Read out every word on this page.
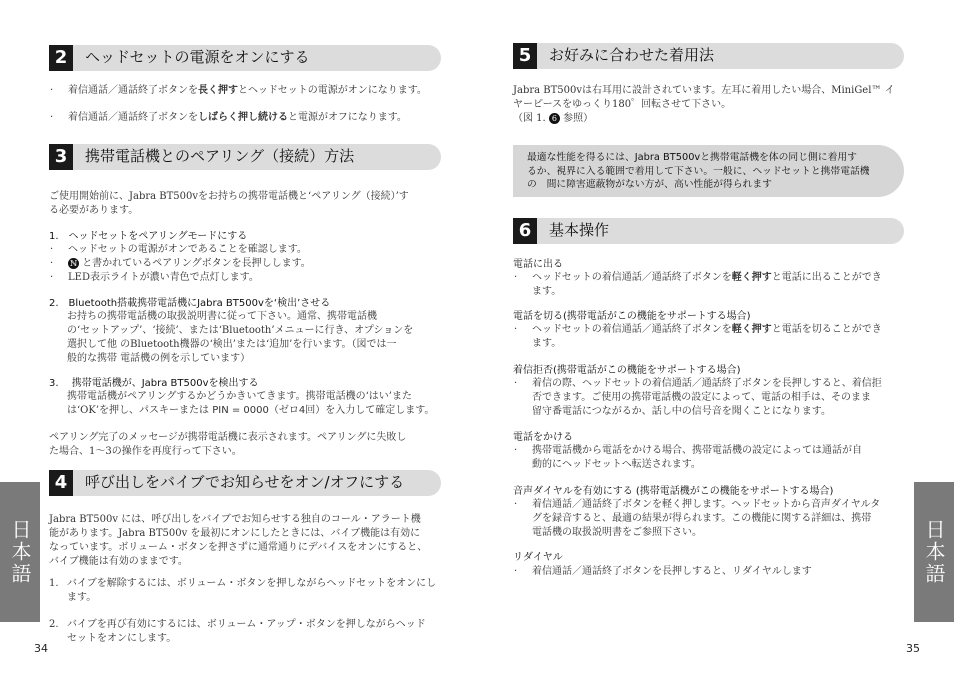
2	ヘッドセットの電源をオンにする
· 着信通話／通話終了ボタンを長く押すとヘッドセットの電源がオンになります。
· 着信通話／通話終了ボタンをしばらく押し続けると電源がオフになります。
3	携帯電話機とのペアリング（接続）方法
ご使用開始前に、Jabra BT500vをお持ちの携帯電話機と‘ペアリング（接続）’す
る必要があります。
1.　ヘッドセットをペアリングモードにする
· ヘッドセットの電源がオンであることを確認します。
· ℕ と書かれているペアリングボタンを長押しします。
· LED表示ライトが濃い青色で点灯します。
2.　Bluetooth搭載携帯電話機にJabra BT500vを‘検出’させる
お持ちの携帯電話機の取扱説明書に従って下さい。通常、携帯電話機
の‘セットアップ’、‘接続’、または‘Bluetooth’メニューに行き、オプションを
選択して他 のBluetooth機器の‘検出’または‘追加’を行います。（図では一
般的な携帯 電話機の例を示しています）
3.　 携帯電話機が、Jabra BT500vを検出する
携帯電話機がペアリングするかどうかきいてきます。携帯電話機の‘はい’また
は‘OK’を押し、パスキーまたは PIN = 0000（ゼロ4回）を入力して確定します。
ペアリング完了のメッセージが携帯電話機に表示されます。ペアリングに失敗し
た場合、1～3の操作を再度行って下さい。
4	呼び出しをバイブでお知らせをオン/オフにする
Jabra BT500v には、呼び出しをバイブでお知らせする独自のコール・アラート機
能があります。Jabra BT500v を最初にオンにしたときには、バイブ機能は有効に
なっています。ボリューム・ボタンを押さずに通常通りにデバイスをオンにすると、
バイブ機能は有効のままです。
1. バイブを解除するには、ボリューム・ボタンを押しながらヘッドセットをオンにし
ます。
2. バイブを再び有効にするには、ボリューム・アップ・ボタンを押しながらヘッド
セットをオンにします。
日本語
34
5	お好みに合わせた着用法
Jabra BT500vは右耳用に設計されています。左耳に着用したい場合、MiniGel™ イ
ヤーピースをゆっくり180゜回転させて下さい。
（図 1. 6 参照）
最適な性能を得るには、Jabra BT500vと携帯電話機を体の同じ側に着用す
るか、視界に入る範囲で着用して下さい。一般に、ヘッドセットと携帯電話機
の　間に障害遮蔽物がない方が、高い性能が得られます
6	基本操作
電話に出る
· ヘッドセットの着信通話／通話終了ボタンを軽く押すと電話に出ることができ
ます。
電話を切る(携帯電話がこの機能をサポートする場合)
· ヘッドセットの着信通話／通話終了ボタンを軽く押すと電話を切ることができ
ます。
着信拒否(携帯電話がこの機能をサポートする場合)
· 着信の際、ヘッドセットの着信通話／通話終了ボタンを長押しすると、着信拒
否できます。ご使用の携帯電話機の設定によって、電話の相手は、そのまま
留守番電話につながるか、話し中の信号音を聞くことになります。
電話をかける
· 携帯電話機から電話をかける場合、携帯電話機の設定によっては通話が自
動的にヘッドセットへ転送されます。
音声ダイヤルを有効にする (携帯電話機がこの機能をサポートする場合)
· 着信通話／通話終了ボタンを軽く押します。ヘッドセットから音声ダイヤルタ
グを録音すると、最適の結果が得られます。この機能に関する詳細は、携帯
電話機の取扱説明書をご参照下さい。
リダイヤル
· 着信通話／通話終了ボタンを長押しすると、リダイヤルします	日本語
35
